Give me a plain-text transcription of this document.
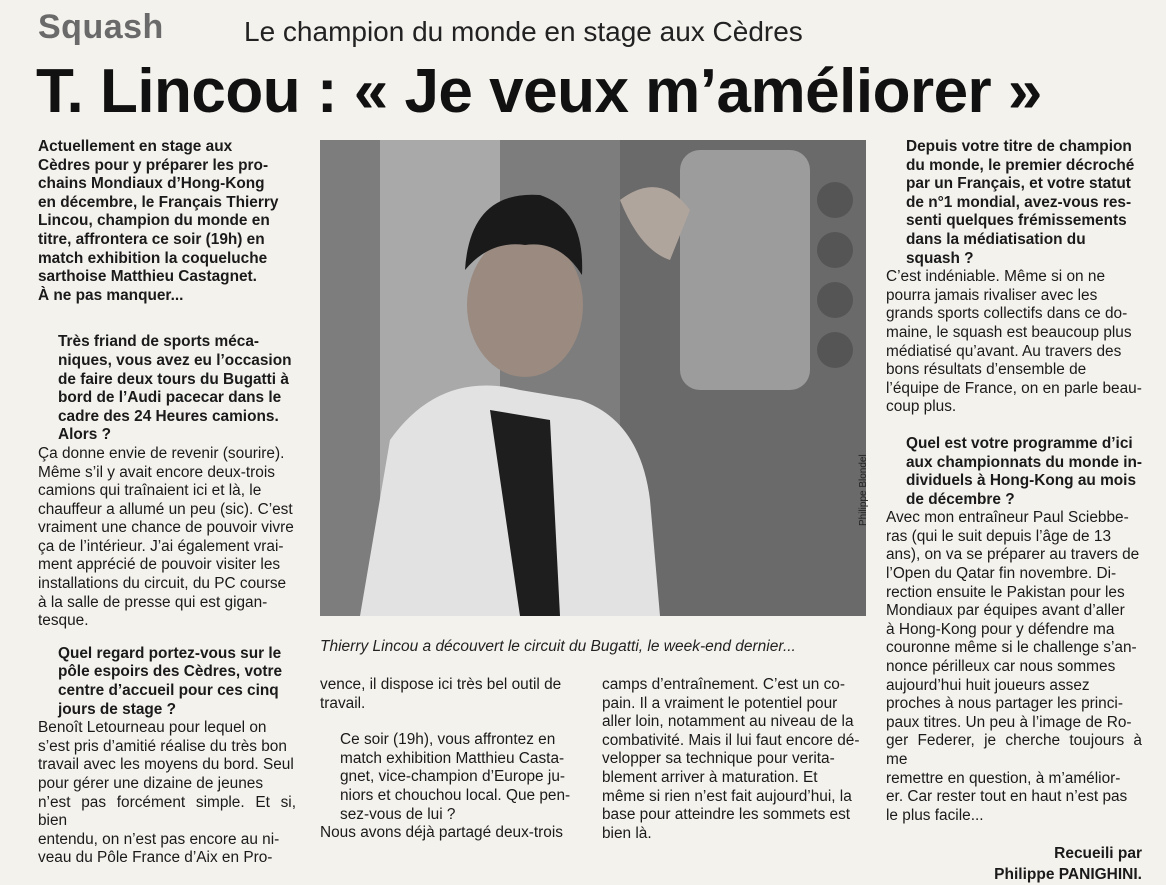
Squash	Le champion du monde en stage aux Cèdres
T. Lincou : « Je veux m’améliorer »

Actuellement en stage aux

Cèdres pour y préparer les pro-

chains Mondiaux d’Hong-Kong

en décembre, le Français Thierry

Lincou, champion du monde en

titre, affrontera ce soir (19h) en

match exhibition la coqueluche

sarthoise Matthieu Castagnet.

À ne pas manquer...

Très friand de sports méca-

niques, vous avez eu l’occasion

de faire deux tours du Bugatti à

bord de l’Audi pacecar dans le

cadre des 24 Heures camions.

Alors ?

Ça donne envie de revenir (sourire).

Même s’il y avait encore deux-trois

camions qui traînaient ici et là, le

chauffeur a allumé un peu (sic). C’est

vraiment une chance de pouvoir vivre

ça de l’intérieur. J’ai également vrai-

ment apprécié de pouvoir visiter les

installations du circuit, du PC course

à la salle de presse qui est gigan-

tesque.

Quel regard portez-vous sur le

pôle espoirs des Cèdres, votre

centre d’accueil pour ces cinq

jours de stage ?

Benoît Letourneau pour lequel on

s’est pris d’amitié réalise du très bon

travail avec les moyens du bord. Seul

pour gérer une dizaine de jeunes

n’est pas forcément simple. Et si, bien

entendu, on n’est pas encore au ni-

veau du Pôle France d’Aix en Pro-

Philippe Blondel
Thierry Lincou a découvert le circuit du Bugatti, le week-end dernier...

vence, il dispose ici très bel outil de

travail.

Ce soir (19h), vous affrontez en

match exhibition Matthieu Casta-

gnet, vice-champion d’Europe ju-

niors et chouchou local. Que pen-

sez-vous de lui ?

Nous avons déjà partagé deux-trois

camps d’entraînement. C’est un co-

pain. Il a vraiment le potentiel pour

aller loin, notamment au niveau de la

combativité. Mais il lui faut encore dé-

velopper sa technique pour verita-

blement arriver à maturation. Et

même si rien n’est fait aujourd’hui, la

base pour atteindre les sommets est

bien là.

Depuis votre titre de champion

du monde, le premier décroché

par un Français, et votre statut

de n°1 mondial, avez-vous res-

senti quelques frémissements

dans la médiatisation du

squash ?

C’est indéniable. Même si on ne

pourra jamais rivaliser avec les

grands sports collectifs dans ce do-

maine, le squash est beaucoup plus

médiatisé qu’avant. Au travers des

bons résultats d’ensemble de

l’équipe de France, on en parle beau-

coup plus.

Quel est votre programme d’ici

aux championnats du monde in-

dividuels à Hong-Kong au mois

de décembre ?

Avec mon entraîneur Paul Sciebbe-

ras (qui le suit depuis l’âge de 13

ans), on va se préparer au travers de

l’Open du Qatar fin novembre. Di-

rection ensuite le Pakistan pour les

Mondiaux par équipes avant d’aller

à Hong-Kong pour y défendre ma

couronne même si le challenge s’an-

nonce périlleux car nous sommes

aujourd’hui huit joueurs assez

proches à nous partager les princi-

paux titres. Un peu à l’image de Ro-

ger Federer, je cherche toujours à me

remettre en question, à m’amélior-

er. Car rester tout en haut n’est pas

le plus facile...

Recueili par
Philippe PANIGHINI.
